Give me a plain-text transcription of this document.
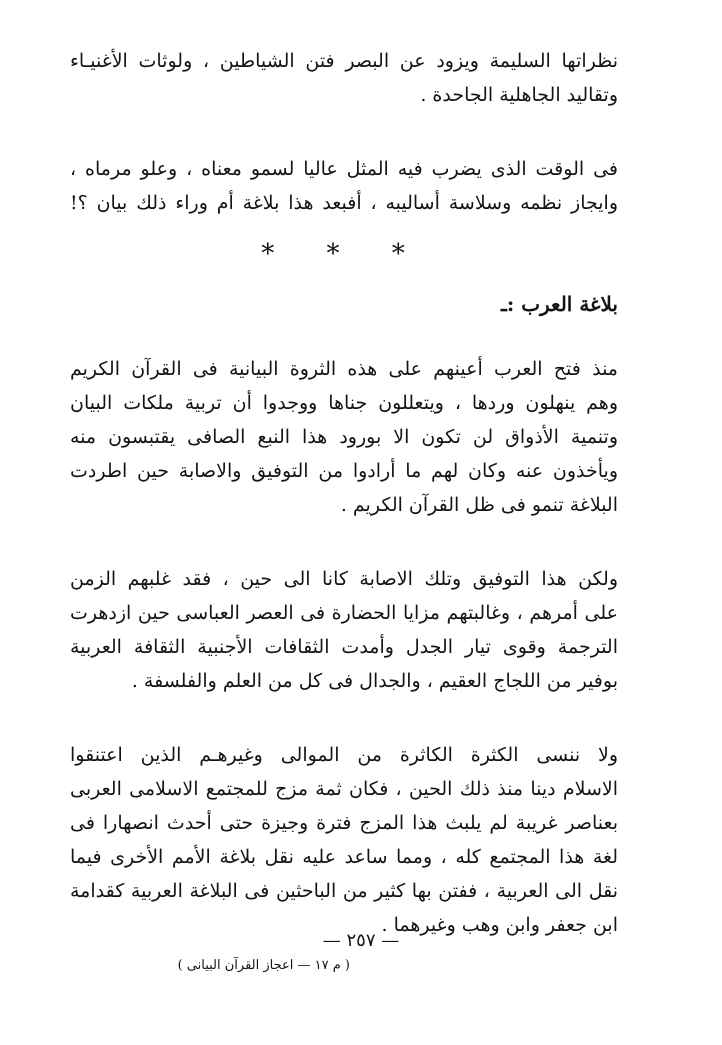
نظراتها السليمة ويزود عن البصر فتن الشياطين ، ولوثات الأغنيـاء
وتقاليد الجاهلية الجاحدة .
فى الوقت الذى يضرب فيه المثل عاليا لسمو معناه ، وعلو مرماه ،
وايجاز نظمه وسلاسة أساليبه ، أفبعد هذا بلاغة أم وراء ذلك بيان ؟!
* * *
بلاغة العرب :ـ
منذ فتح العرب أعينهم على هذه الثروة البيانية فى القرآن الكريم
وهم ينهلون وردها ، ويتعللون جناها ووجدوا أن تربية ملكات البيان
وتنمية الأذواق لن تكون الا بورود هذا النبع الصافى يقتبسون منه
ويأخذون عنه وكان لهم ما أرادوا من التوفيق والاصابة حين اطردت
البلاغة تنمو فى ظل القرآن الكريم .
ولكن هذا التوفيق وتلك الاصابة كانا الى حين ، فقد غلبهم الزمن
على أمرهم ، وغالبتهم مزايا الحضارة فى العصر العباسى حين ازدهرت
الترجمة وقوى تيار الجدل وأمدت الثقافات الأجنبية الثقافة العربية
بوفير من اللجاج العقيم ، والجدال فى كل من العلم والفلسفة .
ولا ننسى الكثرة الكاثرة من الموالى وغيرهـم الذين اعتنقوا
الاسلام دينا منذ ذلك الحين ، فكان ثمة مزج للمجتمع الاسلامى العربى
بعناصر غريبة لم يلبث هذا المزج فترة وجيزة حتى أحدث انصهارا فى
لغة هذا المجتمع كله ، ومما ساعد عليه نقل بلاغة الأمم الأخرى فيما
نقل الى العربية ، ففتن بها كثير من الباحثين فى البلاغة العربية كقدامة
ابن جعفر وابن وهب وغيرهما .
— ٢٥٧ —
( م ١٧ — اعجاز القرآن البيانى )
